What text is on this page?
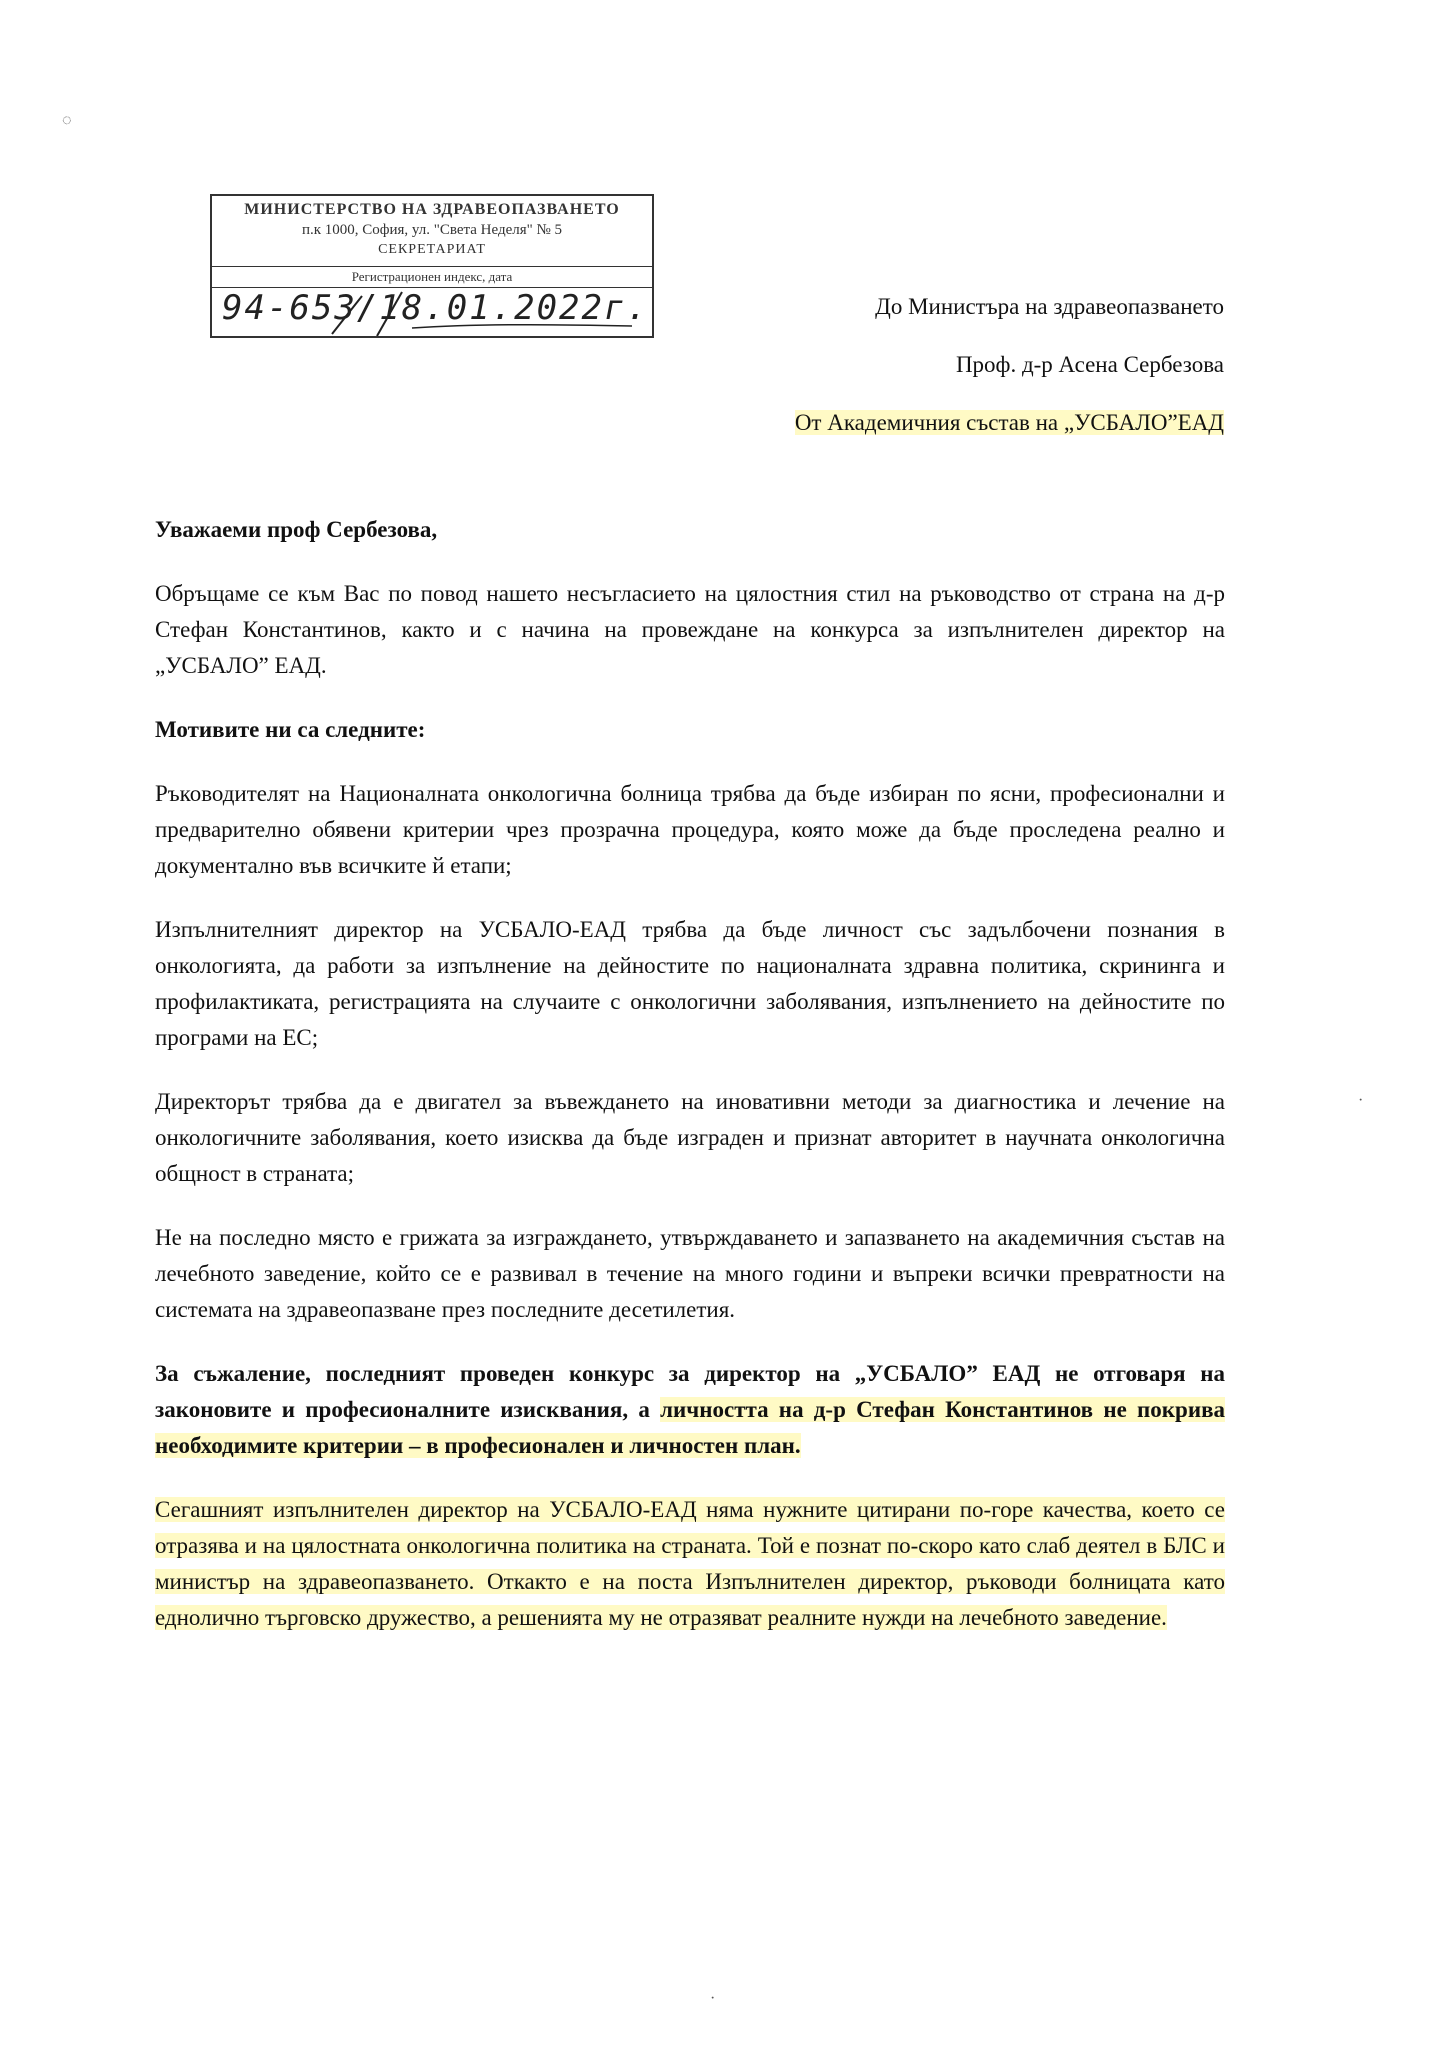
◌
МИНИСТЕРСТВО НА ЗДРАВЕОПАЗВАНЕТО
п.к 1000, София, ул. "Света Неделя" № 5
СЕКРЕТАРИАТ
Регистрационен индекс, дата
94-653/18.01.2022г.	До Министъра на здравеопазването
Проф. д-р Асена Сербезова
От Академичния състав на „УСБАЛО”ЕАД

Уважаеми проф Сербезова,

Обръщаме се към Вас по повод нашето несъгласието на цялостния стил на ръководство от страна на д-р Стефан Константинов, както и с начина на провеждане на конкурса за изпълнителен директор на „УСБАЛО” ЕАД.

Мотивите ни са следните:

Ръководителят на Националната онкологична болница трябва да бъде избиран по ясни, професионални и предварително обявени критерии чрез прозрачна процедура, която може да бъде проследена реално и документално във всичките й етапи;

Изпълнителният директор на УСБАЛО-ЕАД трябва да бъде личност със задълбочени познания в онкологията, да работи за изпълнение на дейностите по националната здравна политика, скрининга и профилактиката, регистрацията на случаите с онкологични заболявания, изпълнението на дейностите по програми на ЕС;

Директорът трябва да е двигател за въвеждането на иновативни методи за диагностика и лечение на онкологичните заболявания, което изисква да бъде изграден и признат авторитет в научната онкологична общност в страната;

Не на последно място е грижата за изграждането, утвърждаването и запазването на академичния състав на лечебното заведение, който се е развивал в течение на много години и въпреки всички превратности на системата на здравеопазване през последните десетилетия.

За съжаление, последният проведен конкурс за директор на „УСБАЛО” ЕАД не отговаря на законовите и професионалните изисквания, а личността на д-р Стефан Константинов не покрива необходимите критерии – в професионален и личностен план.

Сегашният изпълнителен директор на УСБАЛО-ЕАД няма нужните цитирани по-горе качества, което се отразява и на цялостната онкологична политика на страната. Той е познат по-скоро като слаб деятел в БЛС и министър на здравеопазването. Откакто е на поста Изпълнителен директор, ръководи болницата като едноличнo търговско дружество, а решенията му не отразяват реалните нужди на лечебното заведение.

·
·
